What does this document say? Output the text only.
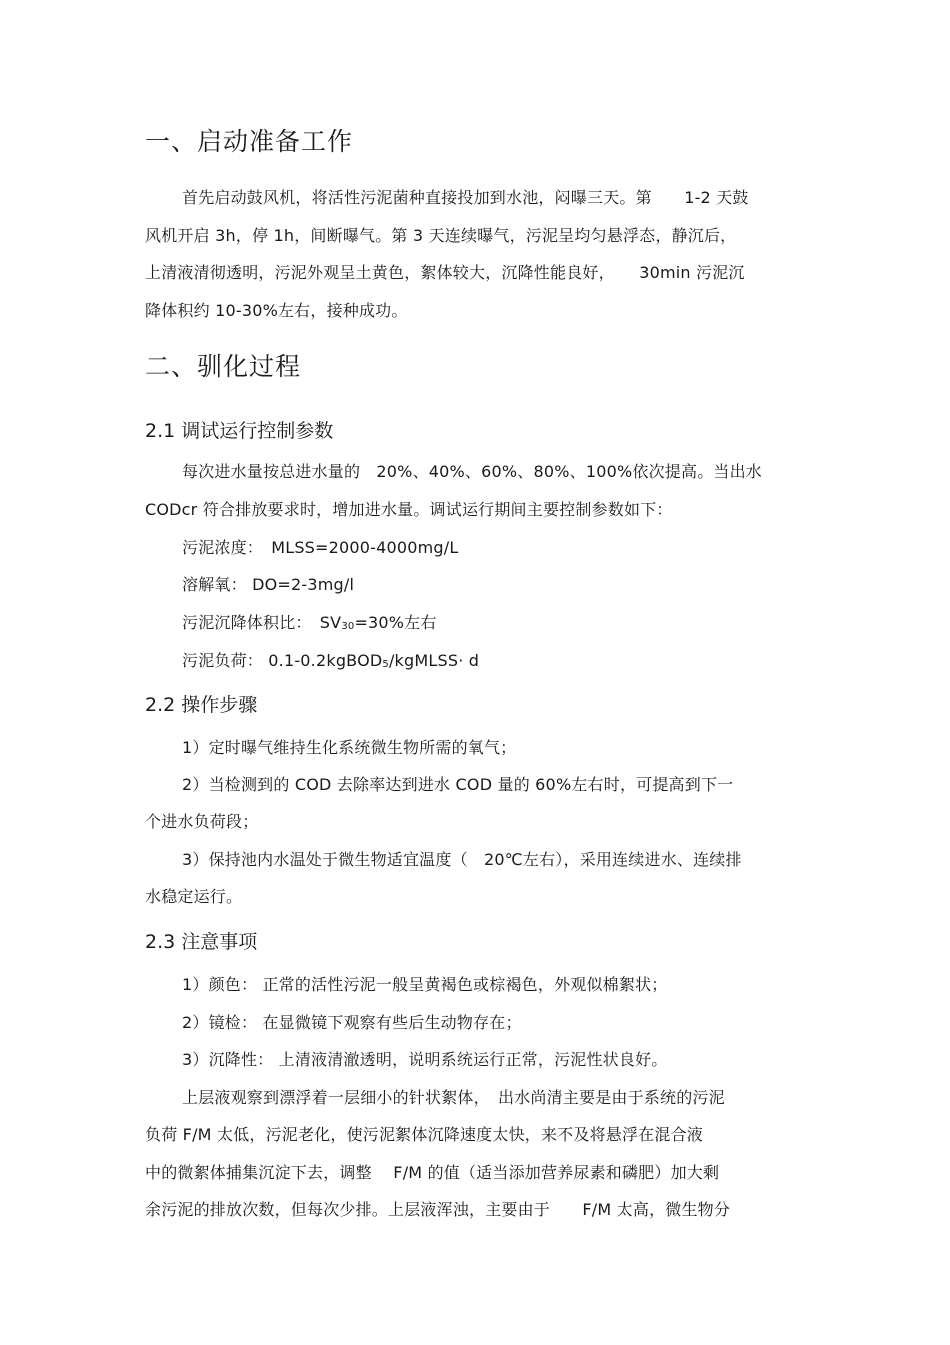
一、启动准备工作
首先启动鼓风机，将活性污泥菌种直接投加到水池，闷曝三天。第　　1-2 天鼓
风机开启 3h，停 1h，间断曝气。第 3 天连续曝气，污泥呈均匀悬浮态，静沉后，
上清液清彻透明，污泥外观呈土黄色，絮体较大，沉降性能良好，　　30min 污泥沉
降体积约 10-30%左右，接种成功。
二、驯化过程
2.1 调试运行控制参数
每次进水量按总进水量的　20%、40%、60%、80%、100%依次提高。当出水
CODcr 符合排放要求时，增加进水量。调试运行期间主要控制参数如下：
污泥浓度：　MLSS=2000-4000mg/L
溶解氧： DO=2-3mg/l
污泥沉降体积比：　$SV_{30}=30\%$左右
污泥负荷： 0.1-0.2kgBOD$_5$/kgMLSS· d
2.2 操作步骤
1）定时曝气维持生化系统微生物所需的氧气；
2）当检测到的 COD 去除率达到进水 COD 量的 60%左右时，可提高到下一
个进水负荷段；
3）保持池内水温处于微生物适宜温度（　20℃左右），采用连续进水、连续排
水稳定运行。
2.3 注意事项
1）颜色： 正常的活性污泥一般呈黄褐色或棕褐色，外观似棉絮状；
2）镜检： 在显微镜下观察有些后生动物存在；
3）沉降性： 上清液清澈透明，说明系统运行正常，污泥性状良好。
上层液观察到漂浮着一层细小的针状絮体，　出水尚清主要是由于系统的污泥
负荷 F/M 太低，污泥老化，使污泥絮体沉降速度太快，来不及将悬浮在混合液
中的微絮体捕集沉淀下去，调整　 F/M 的值（适当添加营养尿素和磷肥）加大剩
余污泥的排放次数，但每次少排。上层液浑浊，主要由于　　F/M 太高，微生物分
